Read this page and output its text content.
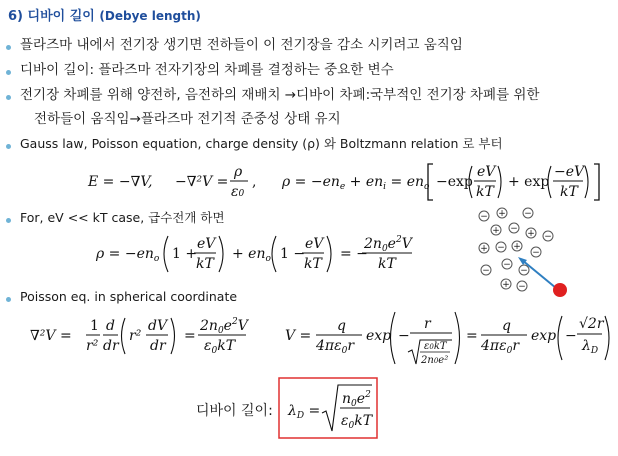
6) 디바이 길이 (Debye length)
플라즈마 내에서 전기장 생기면 전하들이 이 전기장을 감소 시키려고 움직임
디바이 길이: 플라즈마 전자기장의 차폐를 결정하는 중요한 변수
전기장 차폐를 위해 양전하, 음전하의 재배치 →디바이 차폐:국부적인 전기장 차폐를 위한
전하들이 움직임→플라즈마 전기적 준중성 상태 유지
Gauss law, Poisson equation, charge density (ρ) 와 Boltzmann relation 로 부터
For, eV << kT case, 급수전개 하면
Poisson eq. in spherical coordinate
E = −∇V, −∇²V =
ρ
ε0
, $\rho = -en_e + en_i = en_o -\exp$
eV
kT
+ exp
−eV
kT
$\rho = -en_o$ 1 +
eV
kT
+ $en_o$ 1 −
eV
kT
= −
$2n_0e^2V$
kT
∇²V =
1
r²
d
dr
r²
dV
dr
=
$2n_0e^2V$
$\varepsilon_0kT$
V =
q
$4\pi\varepsilon_0r$
exp −
r
ε0kT
2n0e²
=
q
$4\pi\varepsilon_0r$
exp −
√2r
$\lambda_D$
디바이 길이: $\lambda_D$ =
$n_0e^2$
$\varepsilon_0kT$
− + −
+ − + −
+ − +
−
−
−
−
+ −
